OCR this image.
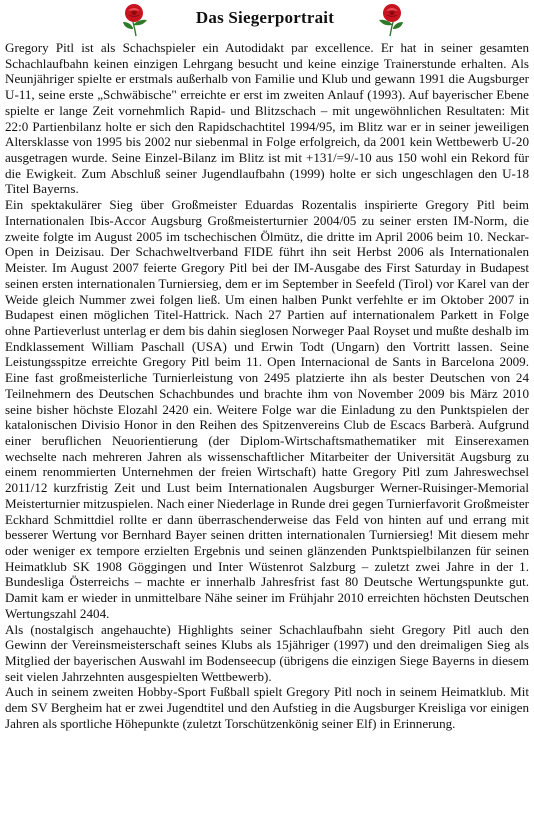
Das Siegerportrait

Gregory Pitl ist als Schachspieler ein Autodidakt par excellence. Er hat in seiner gesamten Schachlaufbahn keinen einzigen Lehrgang besucht und keine einzige Trainerstunde erhalten. Als Neunjähriger spielte er erstmals außerhalb von Familie und Klub und gewann 1991 die Augsburger U-11, seine erste „Schwäbische" erreichte er erst im zweiten Anlauf (1993). Auf bayerischer Ebene spielte er lange Zeit vornehmlich Rapid- und Blitzschach – mit ungewöhnlichen Resultaten: Mit 22:0 Partienbilanz holte er sich den Rapidschachtitel 1994/95, im Blitz war er in seiner jeweiligen Altersklasse von 1995 bis 2002 nur siebenmal in Folge erfolgreich, da 2001 kein Wettbewerb U-20 ausgetragen wurde. Seine Einzel-Bilanz im Blitz ist mit +131/=9/-10 aus 150 wohl ein Rekord für die Ewigkeit. Zum Abschluß seiner Jugendlaufbahn (1999) holte er sich ungeschlagen den U-18 Titel Bayerns.

Ein spektakulärer Sieg über Großmeister Eduardas Rozentalis inspirierte Gregory Pitl beim Internationalen Ibis-Accor Augsburg Großmeisterturnier 2004/05 zu seiner ersten IM-Norm, die zweite folgte im August 2005 im tschechischen Ölmütz, die dritte im April 2006 beim 10. Neckar-Open in Deizisau. Der Schachweltverband FIDE führt ihn seit Herbst 2006 als Internationalen Meister. Im August 2007 feierte Gregory Pitl bei der IM-Ausgabe des First Saturday in Budapest seinen ersten internationalen Turniersieg, dem er im September in Seefeld (Tirol) vor Karel van der Weide gleich Nummer zwei folgen ließ. Um einen halben Punkt verfehlte er im Oktober 2007 in Budapest einen möglichen Titel-Hattrick. Nach 27 Partien auf internationalem Parkett in Folge ohne Partieverlust unterlag er dem bis dahin sieglosen Norweger Paal Royset und mußte deshalb im Endklassement William Paschall (USA) und Erwin Todt (Ungarn) den Vortritt lassen. Seine Leistungsspitze erreichte Gregory Pitl beim 11. Open Internacional de Sants in Barcelona 2009. Eine fast großmeisterliche Turnierleistung von 2495 platzierte ihn als bester Deutschen von 24 Teilnehmern des Deutschen Schachbundes und brachte ihm von November 2009 bis März 2010 seine bisher höchste Elozahl 2420 ein. Weitere Folge war die Einladung zu den Punktspielen der katalonischen Divisio Honor in den Reihen des Spitzenvereins Club de Escacs Barberà. Aufgrund einer beruflichen Neuorientierung (der Diplom-Wirtschaftsmathematiker mit Einserexamen wechselte nach mehreren Jahren als wissenschaftlicher Mitarbeiter der Universität Augsburg zu einem renommierten Unternehmen der freien Wirtschaft) hatte Gregory Pitl zum Jahreswechsel 2011/12 kurzfristig Zeit und Lust beim Internationalen Augsburger Werner-Ruisinger-Memorial Meisterturnier mitzuspielen. Nach einer Niederlage in Runde drei gegen Turnierfavorit Großmeister Eckhard Schmittdiel rollte er dann überraschenderweise das Feld von hinten auf und errang mit besserer Wertung vor Bernhard Bayer seinen dritten internationalen Turniersieg! Mit diesem mehr oder weniger ex tempore erzielten Ergebnis und seinen glänzenden Punktspielbilanzen für seinen Heimatklub SK 1908 Göggingen und Inter Wüstenrot Salzburg – zuletzt zwei Jahre in der 1. Bundesliga Österreichs – machte er innerhalb Jahresfrist fast 80 Deutsche Wertungspunkte gut. Damit kam er wieder in unmittelbare Nähe seiner im Frühjahr 2010 erreichten höchsten Deutschen Wertungszahl 2404.

Als (nostalgisch angehauchte) Highlights seiner Schachlaufbahn sieht Gregory Pitl auch den Gewinn der Vereinsmeisterschaft seines Klubs als 15jähriger (1997) und den dreimaligen Sieg als Mitglied der bayerischen Auswahl im Bodenseecup (übrigens die einzigen Siege Bayerns in diesem seit vielen Jahrzehnten ausgespielten Wettbewerb).

Auch in seinem zweiten Hobby-Sport Fußball spielt Gregory Pitl noch in seinem Heimatklub. Mit dem SV Bergheim hat er zwei Jugendtitel und den Aufstieg in die Augsburger Kreisliga vor einigen Jahren als sportliche Höhepunkte (zuletzt Torschützenkönig seiner Elf) in Erinnerung.
